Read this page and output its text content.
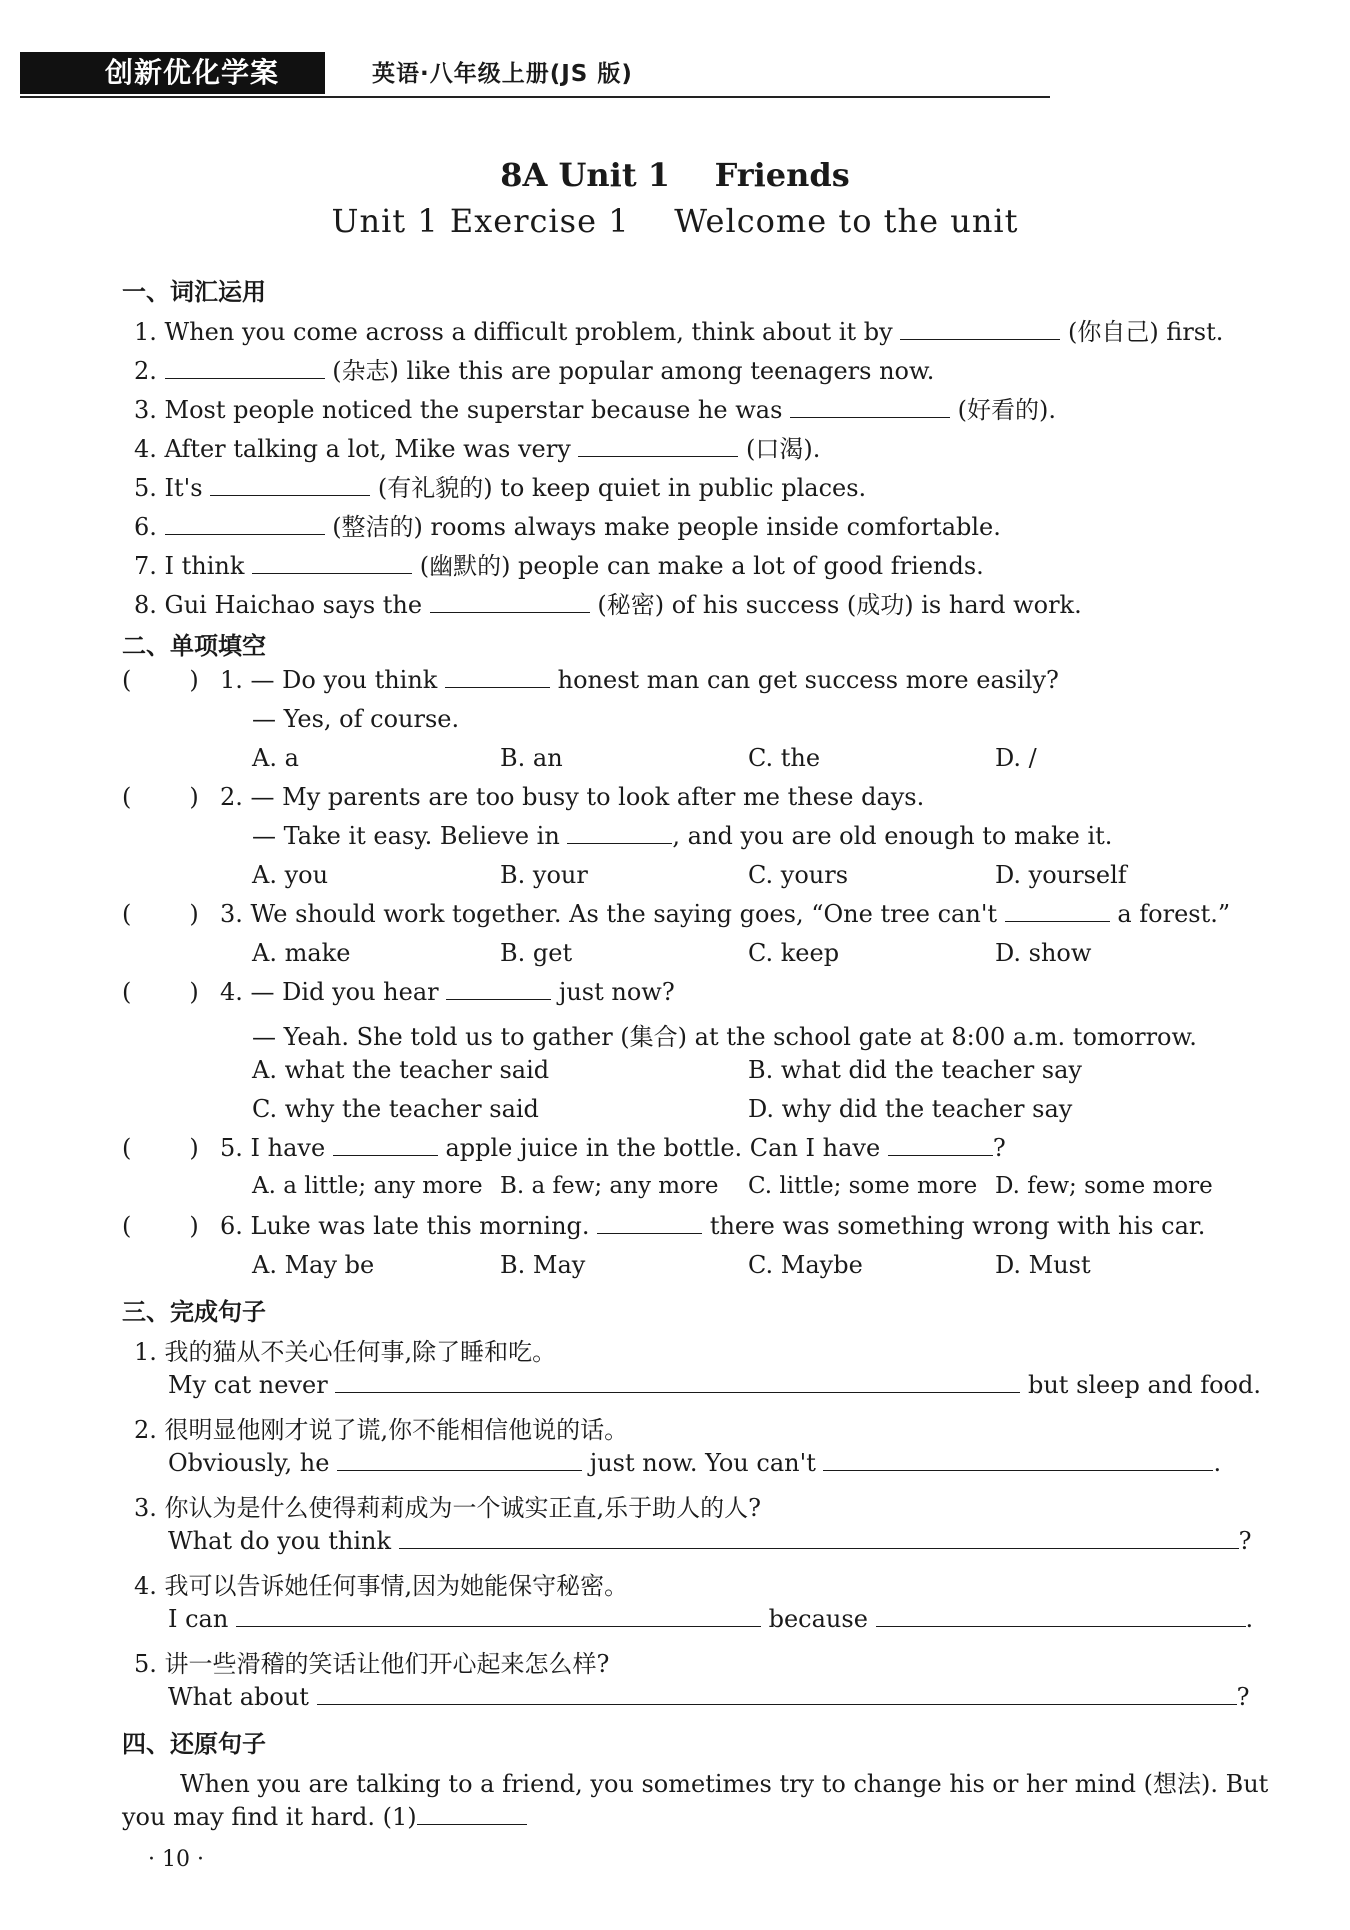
创新优化学案	英语·八年级上册(JS 版)
8A Unit 1    Friends
Unit 1 Exercise 1    Welcome to the unit
一、词汇运用
1. When you come across a difficult problem, think about it by	(你自己) first.
2.	(杂志) like this are popular among teenagers now.
3. Most people noticed the superstar because he was	(好看的).
4. After talking a lot, Mike was very	(口渴).
5. It's	(有礼貌的) to keep quiet in public places.
6.	(整洁的) rooms always make people inside comfortable.
7. I think	(幽默的) people can make a lot of good friends.
8. Gui Haichao says the	(秘密) of his success (成功) is hard work.
二、单项填空
( ) 1. — Do you think	honest man can get success more easily?
— Yes, of course.
A. a	B. an	C. the	D. /
( ) 2. — My parents are too busy to look after me these days.
— Take it easy. Believe in	, and you are old enough to make it.
A. you	B. your	C. yours	D. yourself
( ) 3. We should work together. As the saying goes, “One tree can't	a forest.”
A. make	B. get	C. keep	D. show
( ) 4. — Did you hear	just now?
— Yeah. She told us to gather (集合) at the school gate at 8:00 a.m. tomorrow.
A. what the teacher said	B. what did the teacher say
C. why the teacher said	D. why did the teacher say
( ) 5. I have	apple juice in the bottle. Can I have	?
A. a little; any more B. a few; any more C. little; some more D. few; some more
( ) 6. Luke was late this morning.	there was something wrong with his car.
A. May be	B. May	C. Maybe	D. Must
三、完成句子
1. 我的猫从不关心任何事,除了睡和吃。
My cat never	but sleep and food.
2. 很明显他刚才说了谎,你不能相信他说的话。
Obviously, he	just now. You can't	.
3. 你认为是什么使得莉莉成为一个诚实正直,乐于助人的人?
What do you think	?
4. 我可以告诉她任何事情,因为她能保守秘密。
I can	because	.
5. 讲一些滑稽的笑话让他们开心起来怎么样?
What about	?
四、还原句子
When you are talking to a friend, you sometimes try to change his or her mind (想法). But
you may find it hard. (1)
· 10 ·
